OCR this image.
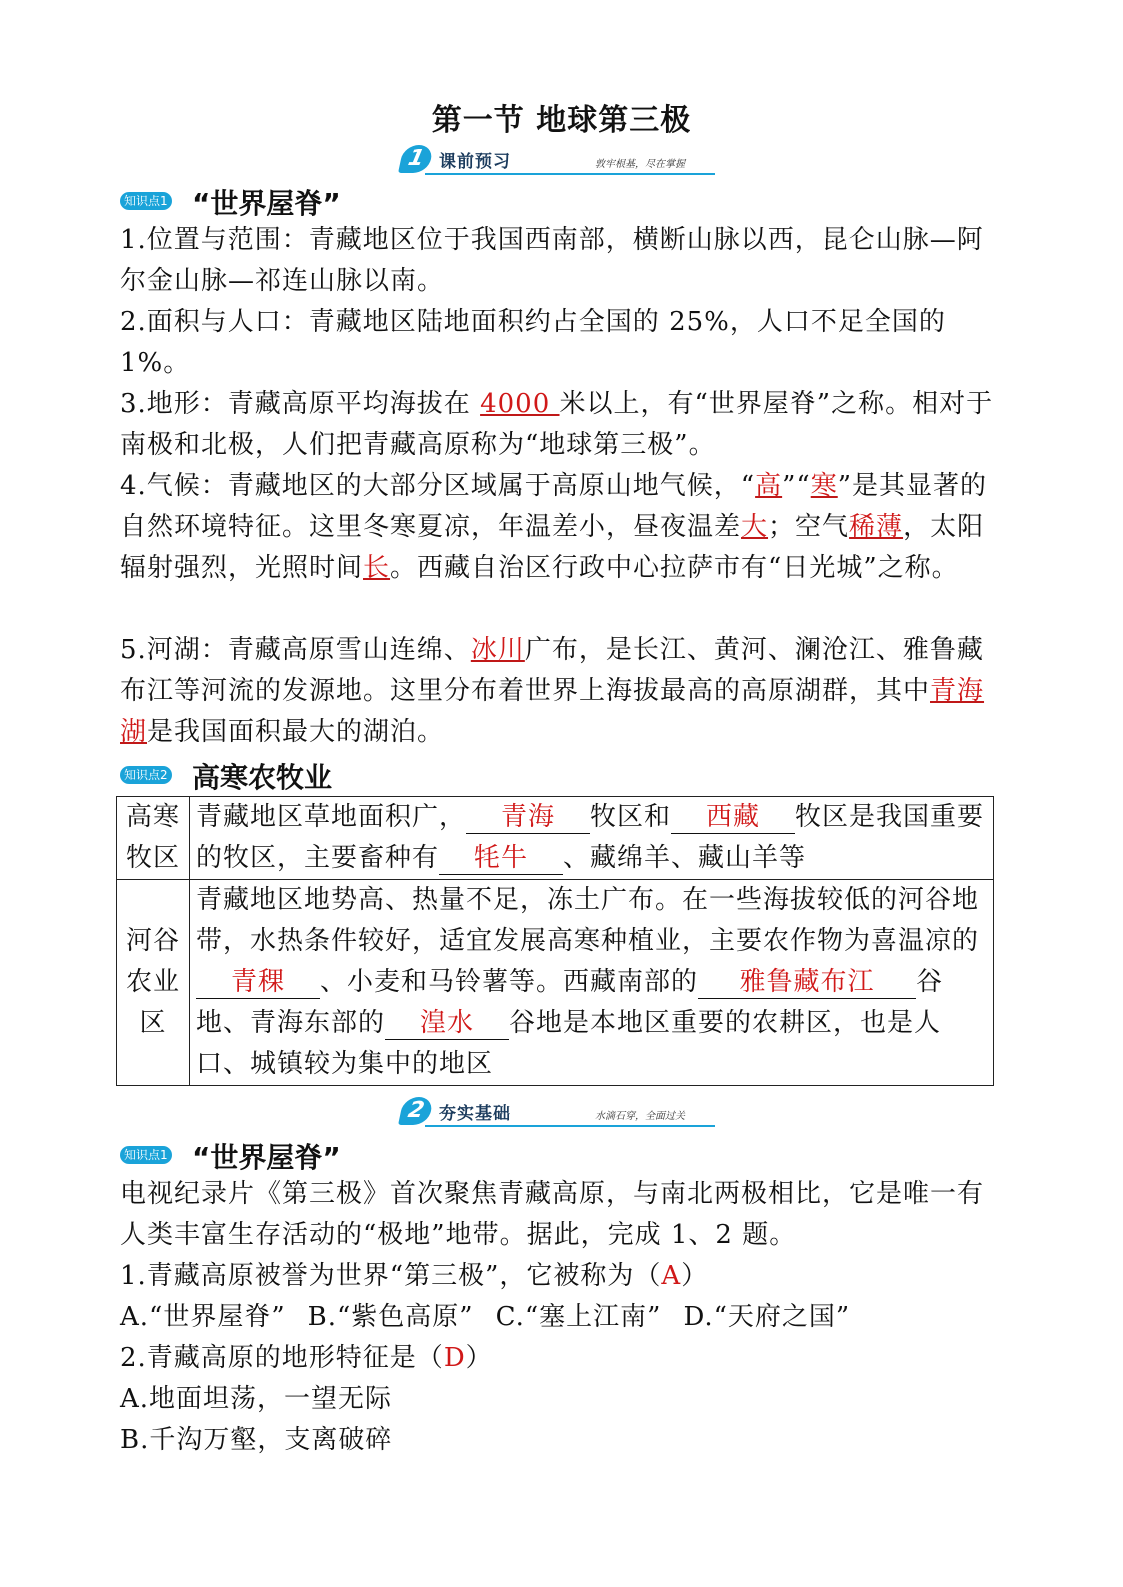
第一节 地球第三极
1 课前预习	敦牢根基，尽在掌握
知识点1 “世界屋脊”
1.位置与范围：青藏地区位于我国西南部，横断山脉以西，昆仑山脉—阿尔金山脉—祁连山脉以南。
2.面积与人口：青藏地区陆地面积约占全国的 25%，人口不足全国的 1%。
3.地形：青藏高原平均海拔在 4000 米以上，有“世界屋脊”之称。相对于南极和北极，人们把青藏高原称为“地球第三极”。
4.气候：青藏地区的大部分区域属于高原山地气候，“高”“寒”是其显著的自然环境特征。这里冬寒夏凉，年温差小，昼夜温差大；空气稀薄，太阳辐射强烈，光照时间长。西藏自治区行政中心拉萨市有“日光城”之称。
5.河湖：青藏高原雪山连绵、冰川广布，是长江、黄河、澜沧江、雅鲁藏布江等河流的发源地。这里分布着世界上海拔最高的高原湖群，其中青海湖是我国面积最大的湖泊。
知识点2 高寒农牧业
高寒牧区	青藏地区草地面积广， 青海 牧区和 西藏 牧区是我国重要的牧区，主要畜种有 牦牛 、藏绵羊、藏山羊等
河谷农业区	青藏地区地势高、热量不足，冻土广布。在一些海拔较低的河谷地带，水热条件较好，适宜发展高寒种植业，主要农作物为喜温凉的青稞 、小麦和马铃薯等。西藏南部的 雅鲁藏布江 谷地、青海东部的 湟水 谷地是本地区重要的农耕区，也是人口、城镇较为集中的地区
2 夯实基础	水滴石穿，全面过关
知识点1 “世界屋脊”
电视纪录片《第三极》首次聚焦青藏高原，与南北两极相比，它是唯一有人类丰富生存活动的“极地”地带。据此，完成 1、2 题。
1.青藏高原被誉为世界“第三极”，它被称为（A）
A.“世界屋脊” B.“紫色高原” C.“塞上江南” D.“天府之国”
2.青藏高原的地形特征是（D）
A.地面坦荡，一望无际
B.千沟万壑，支离破碎
